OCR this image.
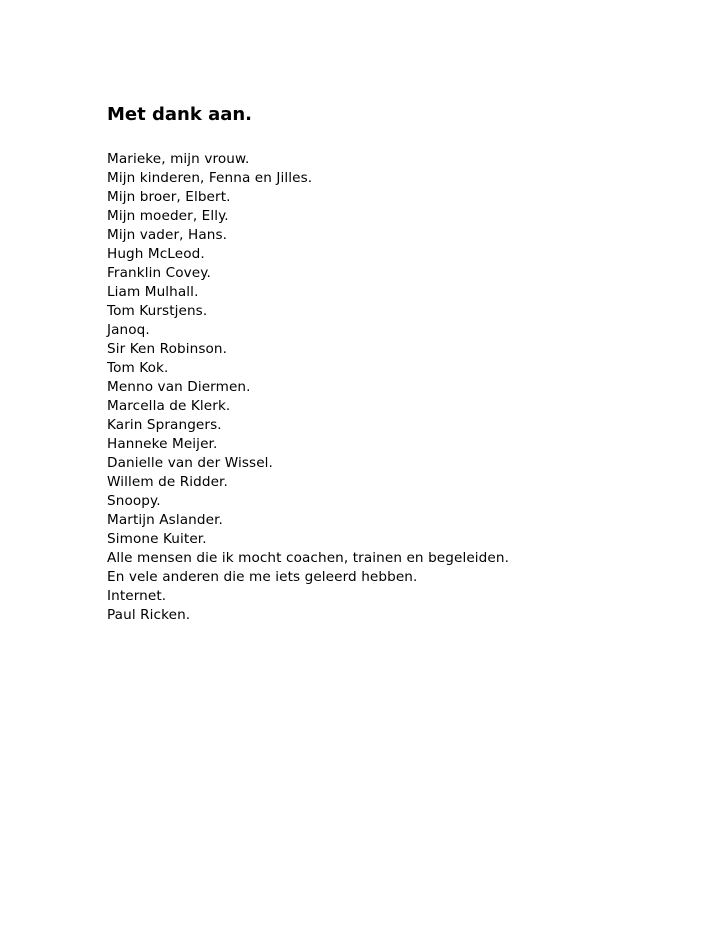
Met dank aan.
Marieke, mijn vrouw.
Mijn kinderen, Fenna en Jilles.
Mijn broer, Elbert.
Mijn moeder, Elly.
Mijn vader, Hans.
Hugh McLeod.
Franklin Covey.
Liam Mulhall.
Tom Kurstjens.
Janoq.
Sir Ken Robinson.
Tom Kok.
Menno van Diermen.
Marcella de Klerk.
Karin Sprangers.
Hanneke Meijer.
Danielle van der Wissel.
Willem de Ridder.
Snoopy.
Martijn Aslander.
Simone Kuiter.
Alle mensen die ik mocht coachen, trainen en begeleiden.
En vele anderen die me iets geleerd hebben.
Internet.
Paul Ricken.
